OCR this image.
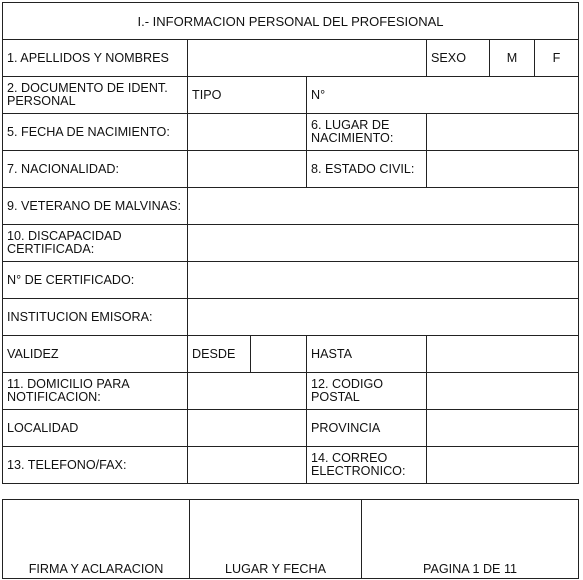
I.- INFORMACION PERSONAL DEL PROFESIONAL						
1. APELLIDOS Y NOMBRES				SEXO	M	F
2. DOCUMENTO DE IDENT. PERSONAL	TIPO		N°			
5. FECHA DE NACIMIENTO:			6. LUGAR DE NACIMIENTO:			
7. NACIONALIDAD:			8. ESTADO CIVIL:			
9. VETERANO DE MALVINAS:						
10. DISCAPACIDAD CERTIFICADA:						
N° DE CERTIFICADO:						
INSTITUCION EMISORA:						
VALIDEZ	DESDE		HASTA			
11. DOMICILIO PARA NOTIFICACION:			12. CODIGO POSTAL			
LOCALIDAD			PROVINCIA			
13. TELEFONO/FAX:			14. CORREO ELECTRONICO:			
FIRMA Y ACLARACION	LUGAR Y FECHA	PAGINA 1 DE 11
